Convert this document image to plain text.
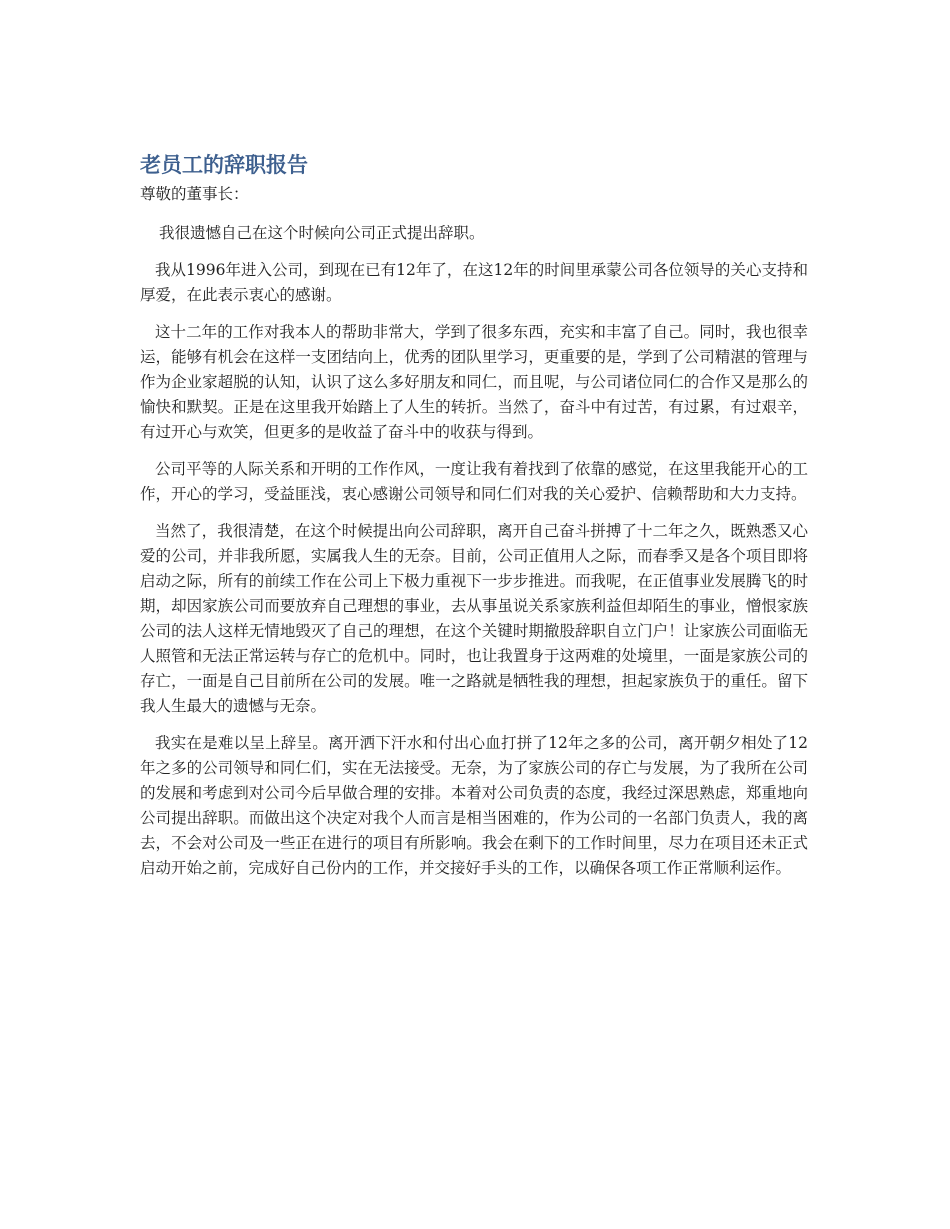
老员工的辞职报告

尊敬的董事长：

我很遗憾自己在这个时候向公司正式提出辞职。

我从1996年进入公司，到现在已有12年了，在这12年的时间里承蒙公司各位领导的关心支持和厚爱，在此表示衷心的感谢。

这十二年的工作对我本人的帮助非常大，学到了很多东西，充实和丰富了自己。同时，我也很幸运，能够有机会在这样一支团结向上，优秀的团队里学习，更重要的是，学到了公司精湛的管理与作为企业家超脱的认知，认识了这么多好朋友和同仁，而且呢，与公司诸位同仁的合作又是那么的愉快和默契。正是在这里我开始踏上了人生的转折。当然了，奋斗中有过苦，有过累，有过艰辛，有过开心与欢笑，但更多的是收益了奋斗中的收获与得到。

公司平等的人际关系和开明的工作作风，一度让我有着找到了依靠的感觉，在这里我能开心的工作，开心的学习，受益匪浅，衷心感谢公司领导和同仁们对我的关心爱护、信赖帮助和大力支持。

当然了，我很清楚，在这个时候提出向公司辞职，离开自己奋斗拼搏了十二年之久，既熟悉又心爱的公司，并非我所愿，实属我人生的无奈。目前，公司正值用人之际，而春季又是各个项目即将启动之际，所有的前续工作在公司上下极力重视下一步步推进。而我呢，在正值事业发展腾飞的时期，却因家族公司而要放弃自己理想的事业，去从事虽说关系家族利益但却陌生的事业，憎恨家族公司的法人这样无情地毁灭了自己的理想，在这个关键时期撤股辞职自立门户！让家族公司面临无人照管和无法正常运转与存亡的危机中。同时，也让我置身于这两难的处境里，一面是家族公司的存亡，一面是自己目前所在公司的发展。唯一之路就是牺牲我的理想，担起家族负于的重任。留下我人生最大的遗憾与无奈。

我实在是难以呈上辞呈。离开洒下汗水和付出心血打拼了12年之多的公司，离开朝夕相处了12年之多的公司领导和同仁们，实在无法接受。无奈，为了家族公司的存亡与发展，为了我所在公司的发展和考虑到对公司今后早做合理的安排。本着对公司负责的态度，我经过深思熟虑，郑重地向公司提出辞职。而做出这个决定对我个人而言是相当困难的，作为公司的一名部门负责人，我的离去，不会对公司及一些正在进行的项目有所影响。我会在剩下的工作时间里，尽力在项目还未正式启动开始之前，完成好自己份内的工作，并交接好手头的工作，以确保各项工作正常顺利运作。
